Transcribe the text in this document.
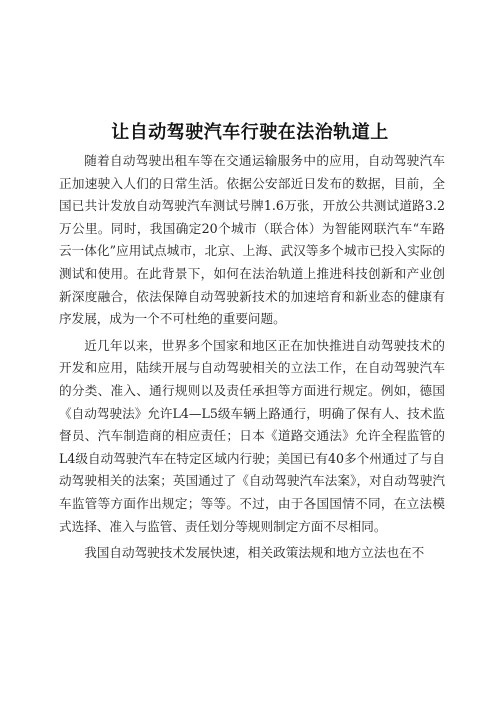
让自动驾驶汽车行驶在法治轨道上

随着自动驾驶出租车等在交通运输服务中的应用，自动驾驶汽车正加速驶入人们的日常生活。依据公安部近日发布的数据，目前，全国已共计发放自动驾驶汽车测试号牌1.6万张，开放公共测试道路3.2万公里。同时，我国确定20个城市（联合体）为智能网联汽车“车路云一体化”应用试点城市，北京、上海、武汉等多个城市已投入实际的测试和使用。在此背景下，如何在法治轨道上推进科技创新和产业创新深度融合，依法保障自动驾驶新技术的加速培育和新业态的健康有序发展，成为一个不可杜绝的重要问题。

近几年以来，世界多个国家和地区正在加快推进自动驾驶技术的开发和应用，陆续开展与自动驾驶相关的立法工作，在自动驾驶汽车的分类、准入、通行规则以及责任承担等方面进行规定。例如，德国《自动驾驶法》允许L4—L5级车辆上路通行，明确了保有人、技术监督员、汽车制造商的相应责任；日本《道路交通法》允许全程监管的L4级自动驾驶汽车在特定区域内行驶；美国已有40多个州通过了与自动驾驶相关的法案；英国通过了《自动驾驶汽车法案》，对自动驾驶汽车监管等方面作出规定；等等。不过，由于各国国情不同，在立法模式选择、准入与监管、责任划分等规则制定方面不尽相同。

我国自动驾驶技术发展快速，相关政策法规和地方立法也在不
